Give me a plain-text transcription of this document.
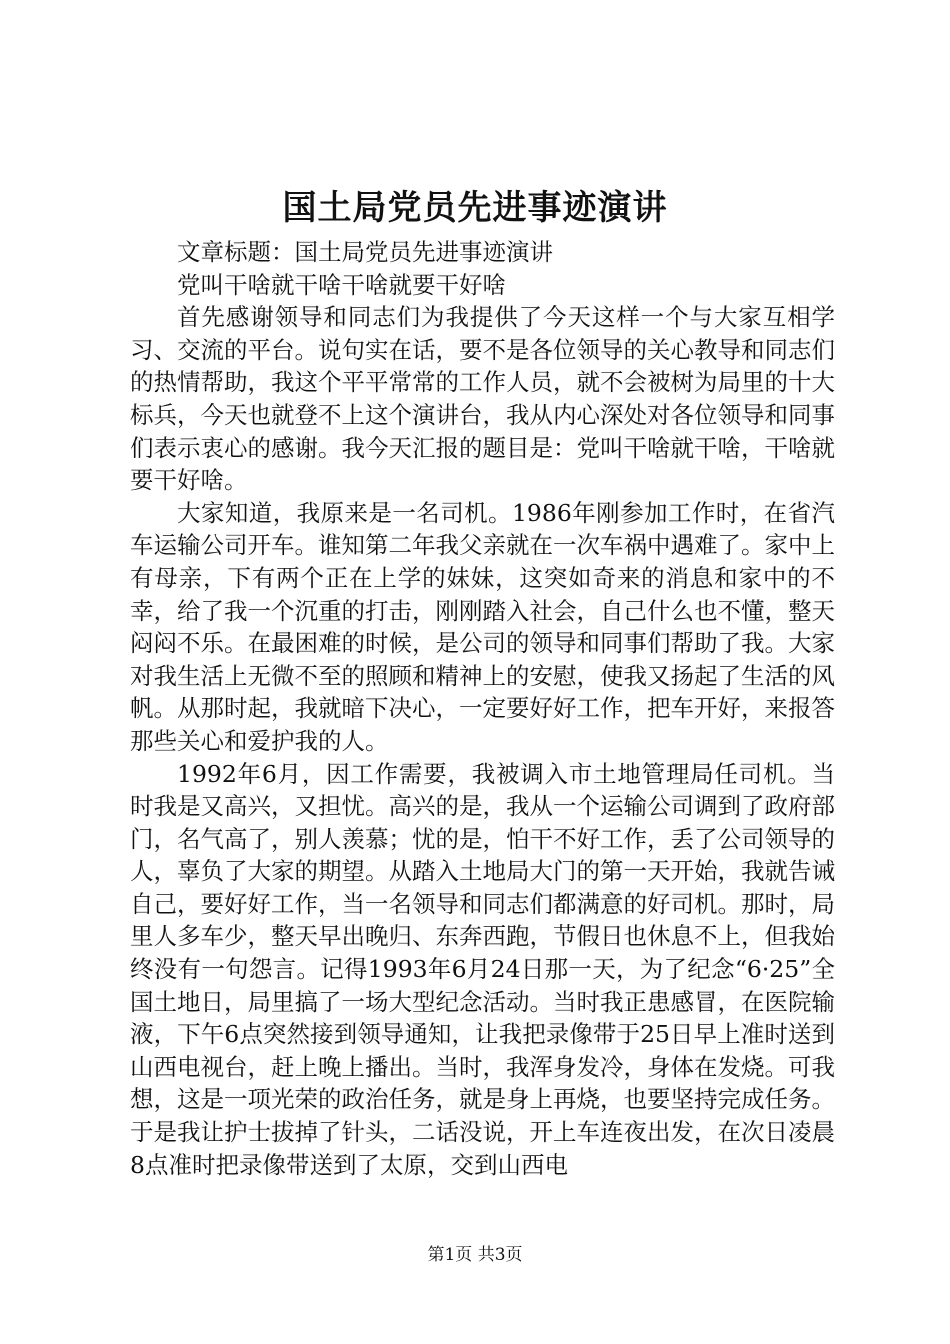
国土局党员先进事迹演讲

文章标题：国土局党员先进事迹演讲

党叫干啥就干啥干啥就要干好啥

首先感谢领导和同志们为我提供了今天这样一个与大家互相学习、交流的平台。说句实在话，要不是各位领导的关心教导和同志们的热情帮助，我这个平平常常的工作人员，就不会被树为局里的十大标兵，今天也就登不上这个演讲台，我从内心深处对各位领导和同事们表示衷心的感谢。我今天汇报的题目是：党叫干啥就干啥，干啥就要干好啥。

大家知道，我原来是一名司机。1986年刚参加工作时，在省汽车运输公司开车。谁知第二年我父亲就在一次车祸中遇难了。家中上有母亲，下有两个正在上学的妹妹，这突如奇来的消息和家中的不幸，给了我一个沉重的打击，刚刚踏入社会，自己什么也不懂，整天闷闷不乐。在最困难的时候，是公司的领导和同事们帮助了我。大家对我生活上无微不至的照顾和精神上的安慰，使我又扬起了生活的风帆。从那时起，我就暗下决心，一定要好好工作，把车开好，来报答那些关心和爱护我的人。

1992年6月，因工作需要，我被调入市土地管理局任司机。当时我是又高兴，又担忧。高兴的是，我从一个运输公司调到了政府部门，名气高了，别人羡慕；忧的是，怕干不好工作，丢了公司领导的人，辜负了大家的期望。从踏入土地局大门的第一天开始，我就告诫自己，要好好工作，当一名领导和同志们都满意的好司机。那时，局里人多车少，整天早出晚归、东奔西跑，节假日也休息不上，但我始终没有一句怨言。记得1993年6月24日那一天，为了纪念“6·25”全国土地日，局里搞了一场大型纪念活动。当时我正患感冒，在医院输液，下午6点突然接到领导通知，让我把录像带于25日早上准时送到山西电视台，赶上晚上播出。当时，我浑身发冷，身体在发烧。可我想，这是一项光荣的政治任务，就是身上再烧，也要坚持完成任务。于是我让护士拔掉了针头，二话没说，开上车连夜出发，在次日凌晨8点准时把录像带送到了太原，交到山西电

第1页 共3页
